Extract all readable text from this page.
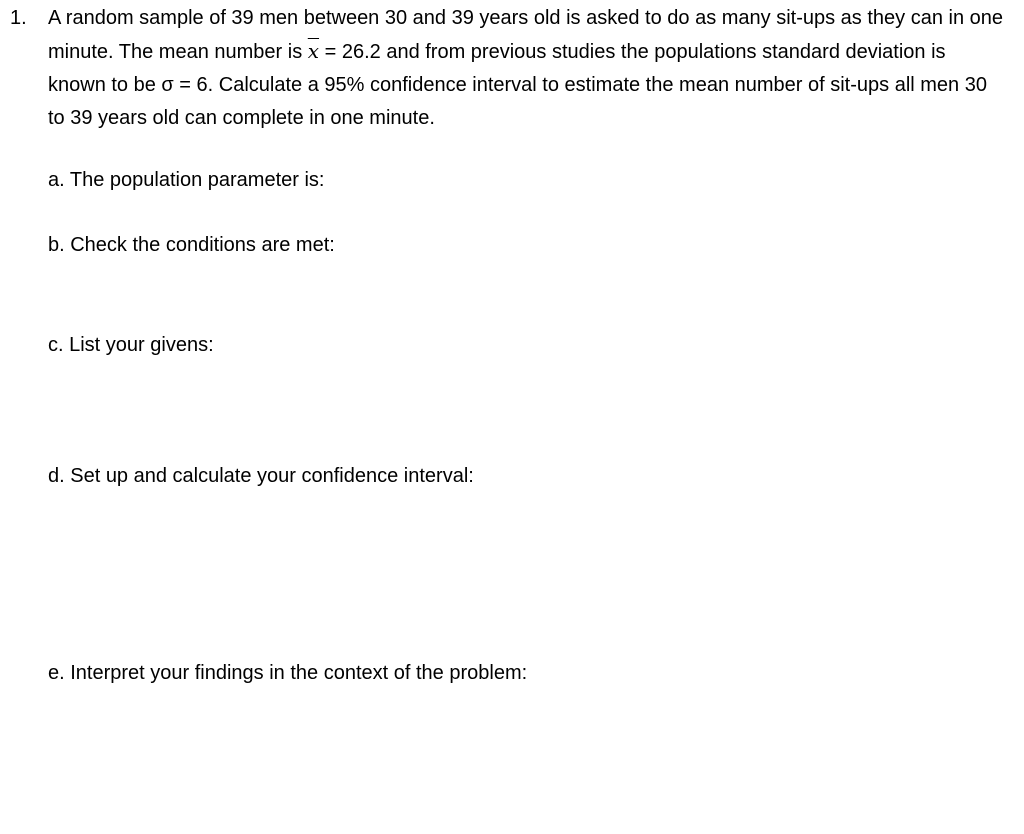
1. A random sample of 39 men between 30 and 39 years old is asked to do as many sit-ups as they can in one minute. The mean number is $\overline{x} = 26.2$ and from previous studies the populations standard deviation is known to be σ = 6. Calculate a 95% confidence interval to estimate the mean number of sit-ups all men 30 to 39 years old can complete in one minute.
a. The population parameter is:
b. Check the conditions are met:
c. List your givens:
d. Set up and calculate your confidence interval:
e. Interpret your findings in the context of the problem:
